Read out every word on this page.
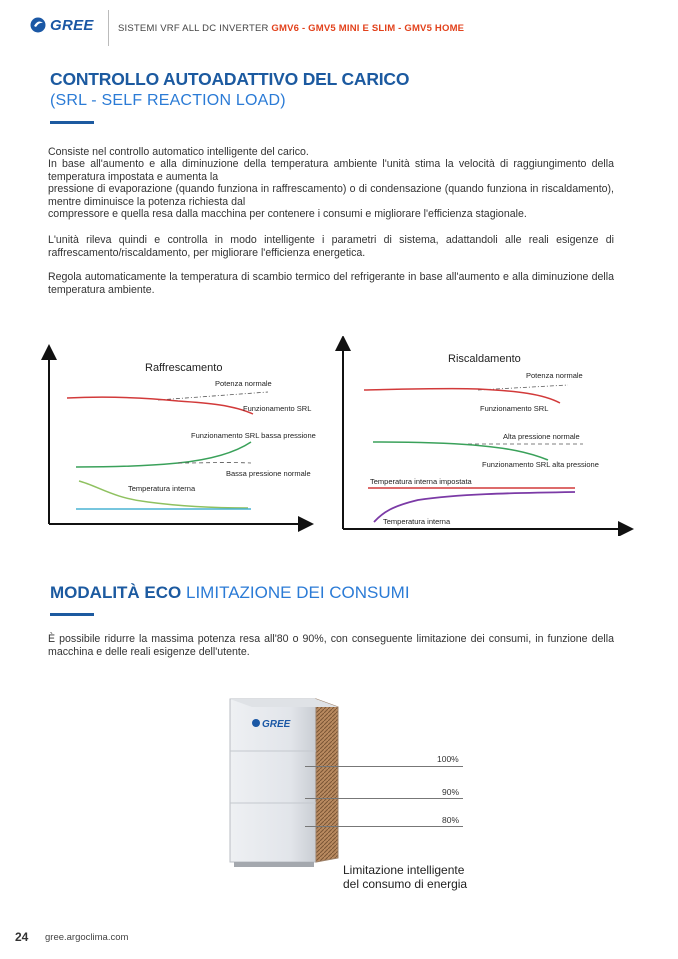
GREE	SISTEMI VRF ALL DC INVERTER GMV6 - GMV5 MINI E SLIM - GMV5 HOME
CONTROLLO AUTOADATTIVO DEL CARICO
(SRL - SELF REACTION LOAD)

Consiste nel controllo automatico intelligente del carico.

In base all'aumento e alla diminuzione della temperatura ambiente l'unità stima la velocità di raggiungimento della temperatura impostata e aumenta la

pressione di evaporazione (quando funziona in raffrescamento) o di condensazione (quando funziona in riscaldamento), mentre diminuisce la potenza richiesta dal

compressore e quella resa dalla macchina per contenere i consumi e migliorare l'efficienza stagionale.

L'unità rileva quindi e controlla in modo intelligente i parametri di sistema, adattandoli alle reali esigenze di raffrescamento/riscaldamento, per migliorare l'efficienza energetica.

Regola automaticamente la temperatura di scambio termico del refrigerante in base all'aumento e alla diminuzione della temperatura ambiente.

Raffrescamento
Potenza normale
Funzionamento SRL
Funzionamento SRL bassa pressione
Bassa pressione normale
Temperatura interna
Riscaldamento
Potenza normale
Funzionamento SRL
Alta pressione normale
Funzionamento SRL alta pressione
Temperatura interna impostata
Temperatura interna
MODALITÀ ECO LIMITAZIONE DEI CONSUMI

È possibile ridurre la massima potenza resa all'80 o 90%, con conseguente limitazione dei consumi, in funzione della macchina e delle reali esigenze dell'utente.

GREE
100%
90%
80%
Limitazione intelligente
del consumo di energia
24 gree.argoclima.com
